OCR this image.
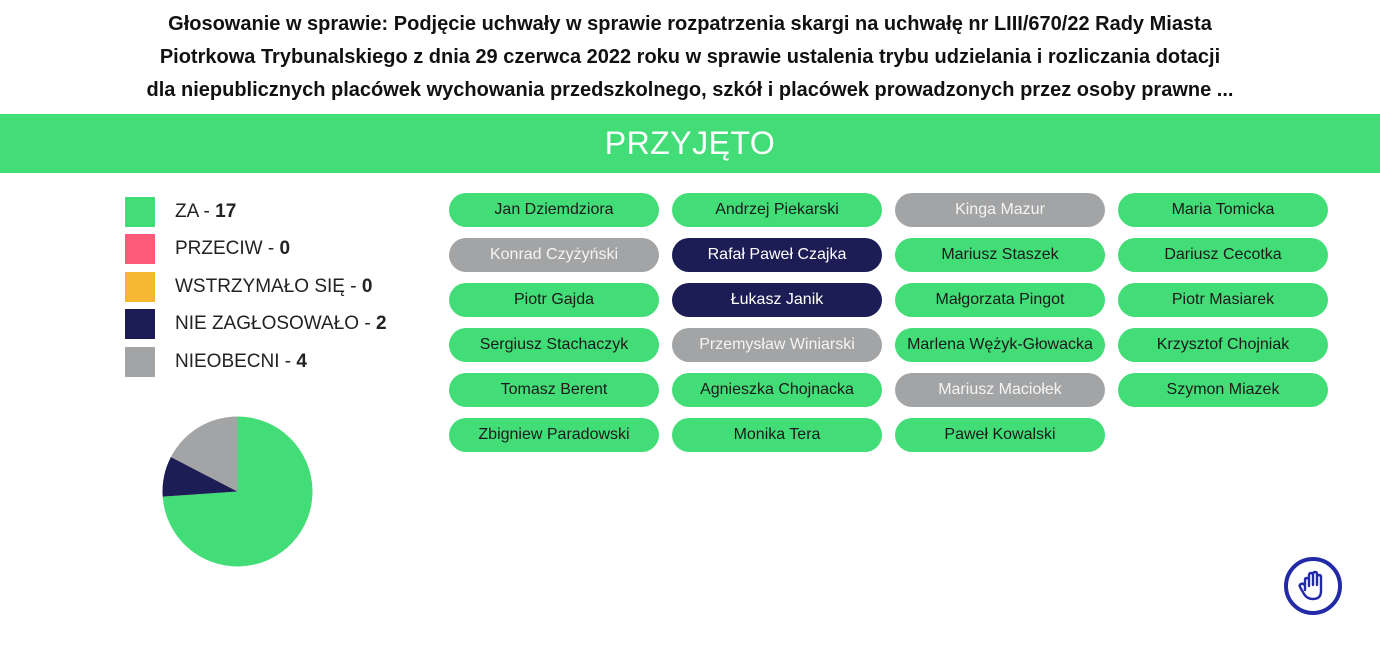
Głosowanie w sprawie: Podjęcie uchwały w sprawie rozpatrzenia skargi na uchwałę nr LIII/670/22 Rady Miasta
Piotrkowa Trybunalskiego z dnia 29 czerwca 2022 roku w sprawie ustalenia trybu udzielania i rozliczania dotacji
dla niepublicznych placówek wychowania przedszkolnego, szkół i placówek prowadzonych przez osoby prawne ...
PRZYJĘTO
ZA - 17
PRZECIW - 0
WSTRZYMAŁO SIĘ - 0
NIE ZAGŁOSOWAŁO - 2
NIEOBECNI - 4
Jan Dziemdziora	Andrzej Piekarski	Kinga Mazur	Maria Tomicka
Konrad Czyżyński	Rafał Paweł Czajka	Mariusz Staszek	Dariusz Cecotka
Piotr Gajda	Łukasz Janik	Małgorzata Pingot	Piotr Masiarek
Sergiusz Stachaczyk	Przemysław Winiarski	Marlena Wężyk-Głowacka	Krzysztof Chojniak
Tomasz Berent	Agnieszka Chojnacka	Mariusz Maciołek	Szymon Miazek
Zbigniew Paradowski	Monika Tera	Paweł Kowalski
